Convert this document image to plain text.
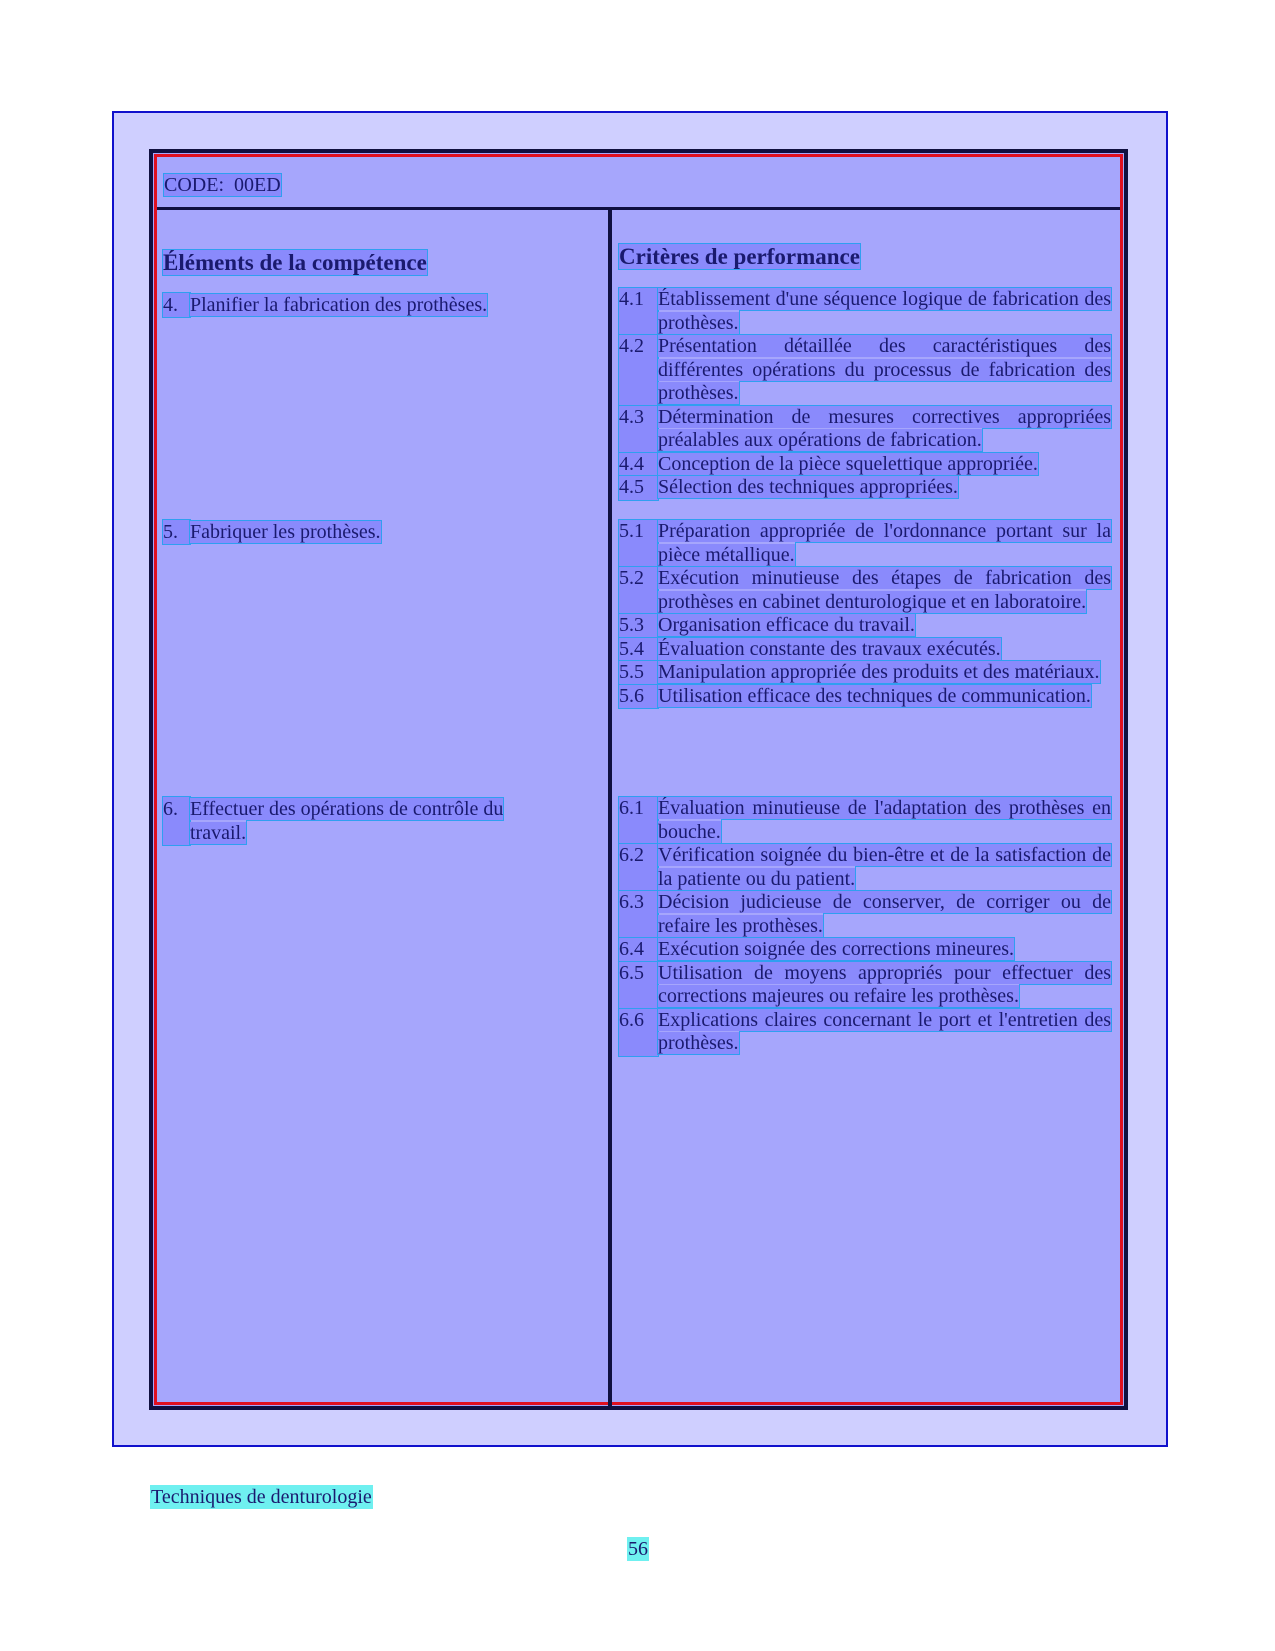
CODE:  00ED
Éléments de la compétence
4. Planifier la fabrication des prothèses.
5. Fabriquer les prothèses.
6. Effectuer des opérations de contrôle du travail.
Critères de performance
4.1 Établissement d'une séquence logique de fabrication des prothèses.
4.2 Présentation détaillée des caractéristiques des différentes opérations du processus de fabrication des prothèses.
4.3 Détermination de mesures correctives appropriées préalables aux opérations de fabrication.
4.4 Conception de la pièce squelettique appropriée.
4.5 Sélection des techniques appropriées.
5.1 Préparation appropriée de l'ordonnance portant sur la pièce métallique.
5.2 Exécution minutieuse des étapes de fabrication des prothèses en cabinet denturologique et en laboratoire.
5.3 Organisation efficace du travail.
5.4 Évaluation constante des travaux exécutés.
5.5 Manipulation appropriée des produits et des matériaux.
5.6 Utilisation efficace des techniques de communication.
6.1 Évaluation minutieuse de l'adaptation des prothèses en bouche.
6.2 Vérification soignée du bien-être et de la satisfaction de la patiente ou du patient.
6.3 Décision judicieuse de conserver, de corriger ou de refaire les prothèses.
6.4 Exécution soignée des corrections mineures.
6.5 Utilisation de moyens appropriés pour effectuer des corrections majeures ou refaire les prothèses.
6.6 Explications claires concernant le port et l'entretien des prothèses.
Techniques de denturologie
56
